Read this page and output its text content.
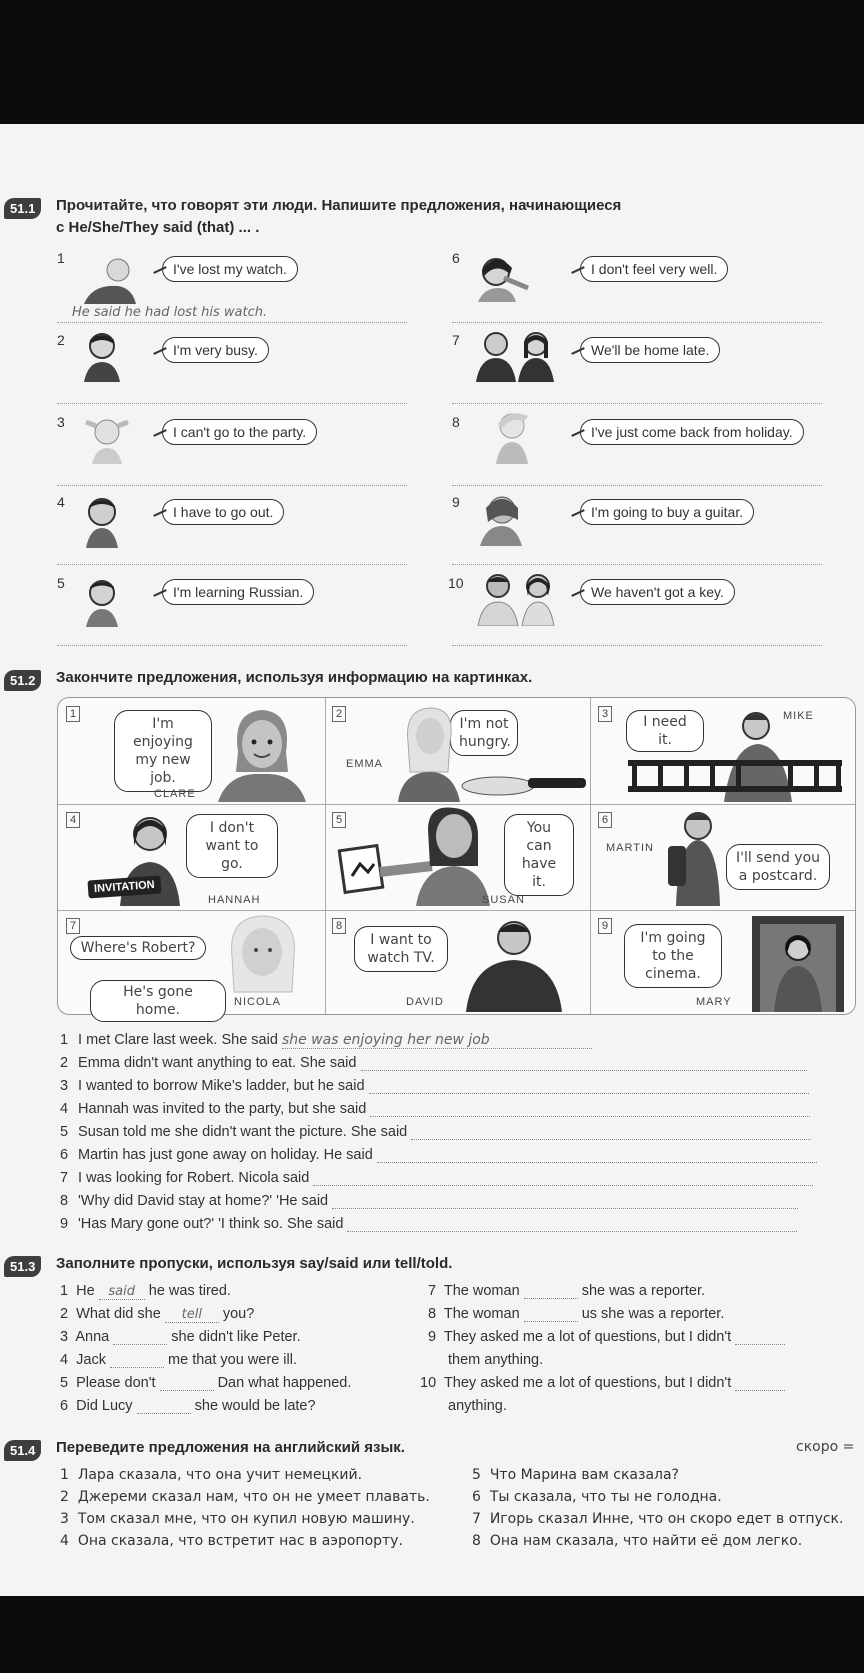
51.1	Прочитайте, что говорят эти люди. Напишите предложения, начинающиеся
с He/She/They said (that) ... .
1
I've lost my watch.
He said he had lost his watch.
2
I'm very busy.
3
I can't go to the party.
4
I have to go out.
5
I'm learning Russian.
6
I don't feel very well.
7
We'll be home late.
8
I've just come back from holiday.
9
I'm going to buy a guitar.
10
We haven't got a key.
51.2	Закончите предложения, используя информацию на картинках.
1
I'm enjoying my new job.
CLARE
2
I'm not hungry.
EMMA
3	I need it.
MIKE
4
INVITATION
I don't want to go.
HANNAH
5	You can have it.
SUSAN
6
MARTIN
I'll send you a postcard.
7
Where's Robert?
He's gone home.	NICOLA
8
I want to watch TV.
DAVID
9
I'm going to the cinema.
MARY
1 I met Clare last week. She said she was enjoying her new job
2 Emma didn't want anything to eat. She said
3 I wanted to borrow Mike's ladder, but he said
4 Hannah was invited to the party, but she said
5 Susan told me she didn't want the picture. She said
6 Martin has just gone away on holiday. He said
7 I was looking for Robert. Nicola said
8 'Why did David stay at home?' 'He said
9 'Has Mary gone out?' 'I think so. She said
51.3	Заполните пропуски, используя say/said или tell/told.
1 He said he was tired.
2 What did she tell you?
3 Anna	she didn't like Peter.
4 Jack	me that you were ill.
5 Please don't	Dan what happened.
6 Did Lucy	she would be late?
7 The woman	she was a reporter.
8 The woman	us she was a reporter.
9 They asked me a lot of questions, but I didn't
them anything.
10 They asked me a lot of questions, but I didn't
anything.
51.4	Переведите предложения на английский язык.	скоро =
1 Лара сказала, что она учит немецкий.
2 Джереми сказал нам, что он не умеет плавать.
3 Том сказал мне, что он купил новую машину.
4 Она сказала, что встретит нас в аэропорту.
5 Что Марина вам сказала?
6 Ты сказала, что ты не голодна.
7 Игорь сказал Инне, что он скоро едет в отпуск.
8 Она нам сказала, что найти её дом легко.
